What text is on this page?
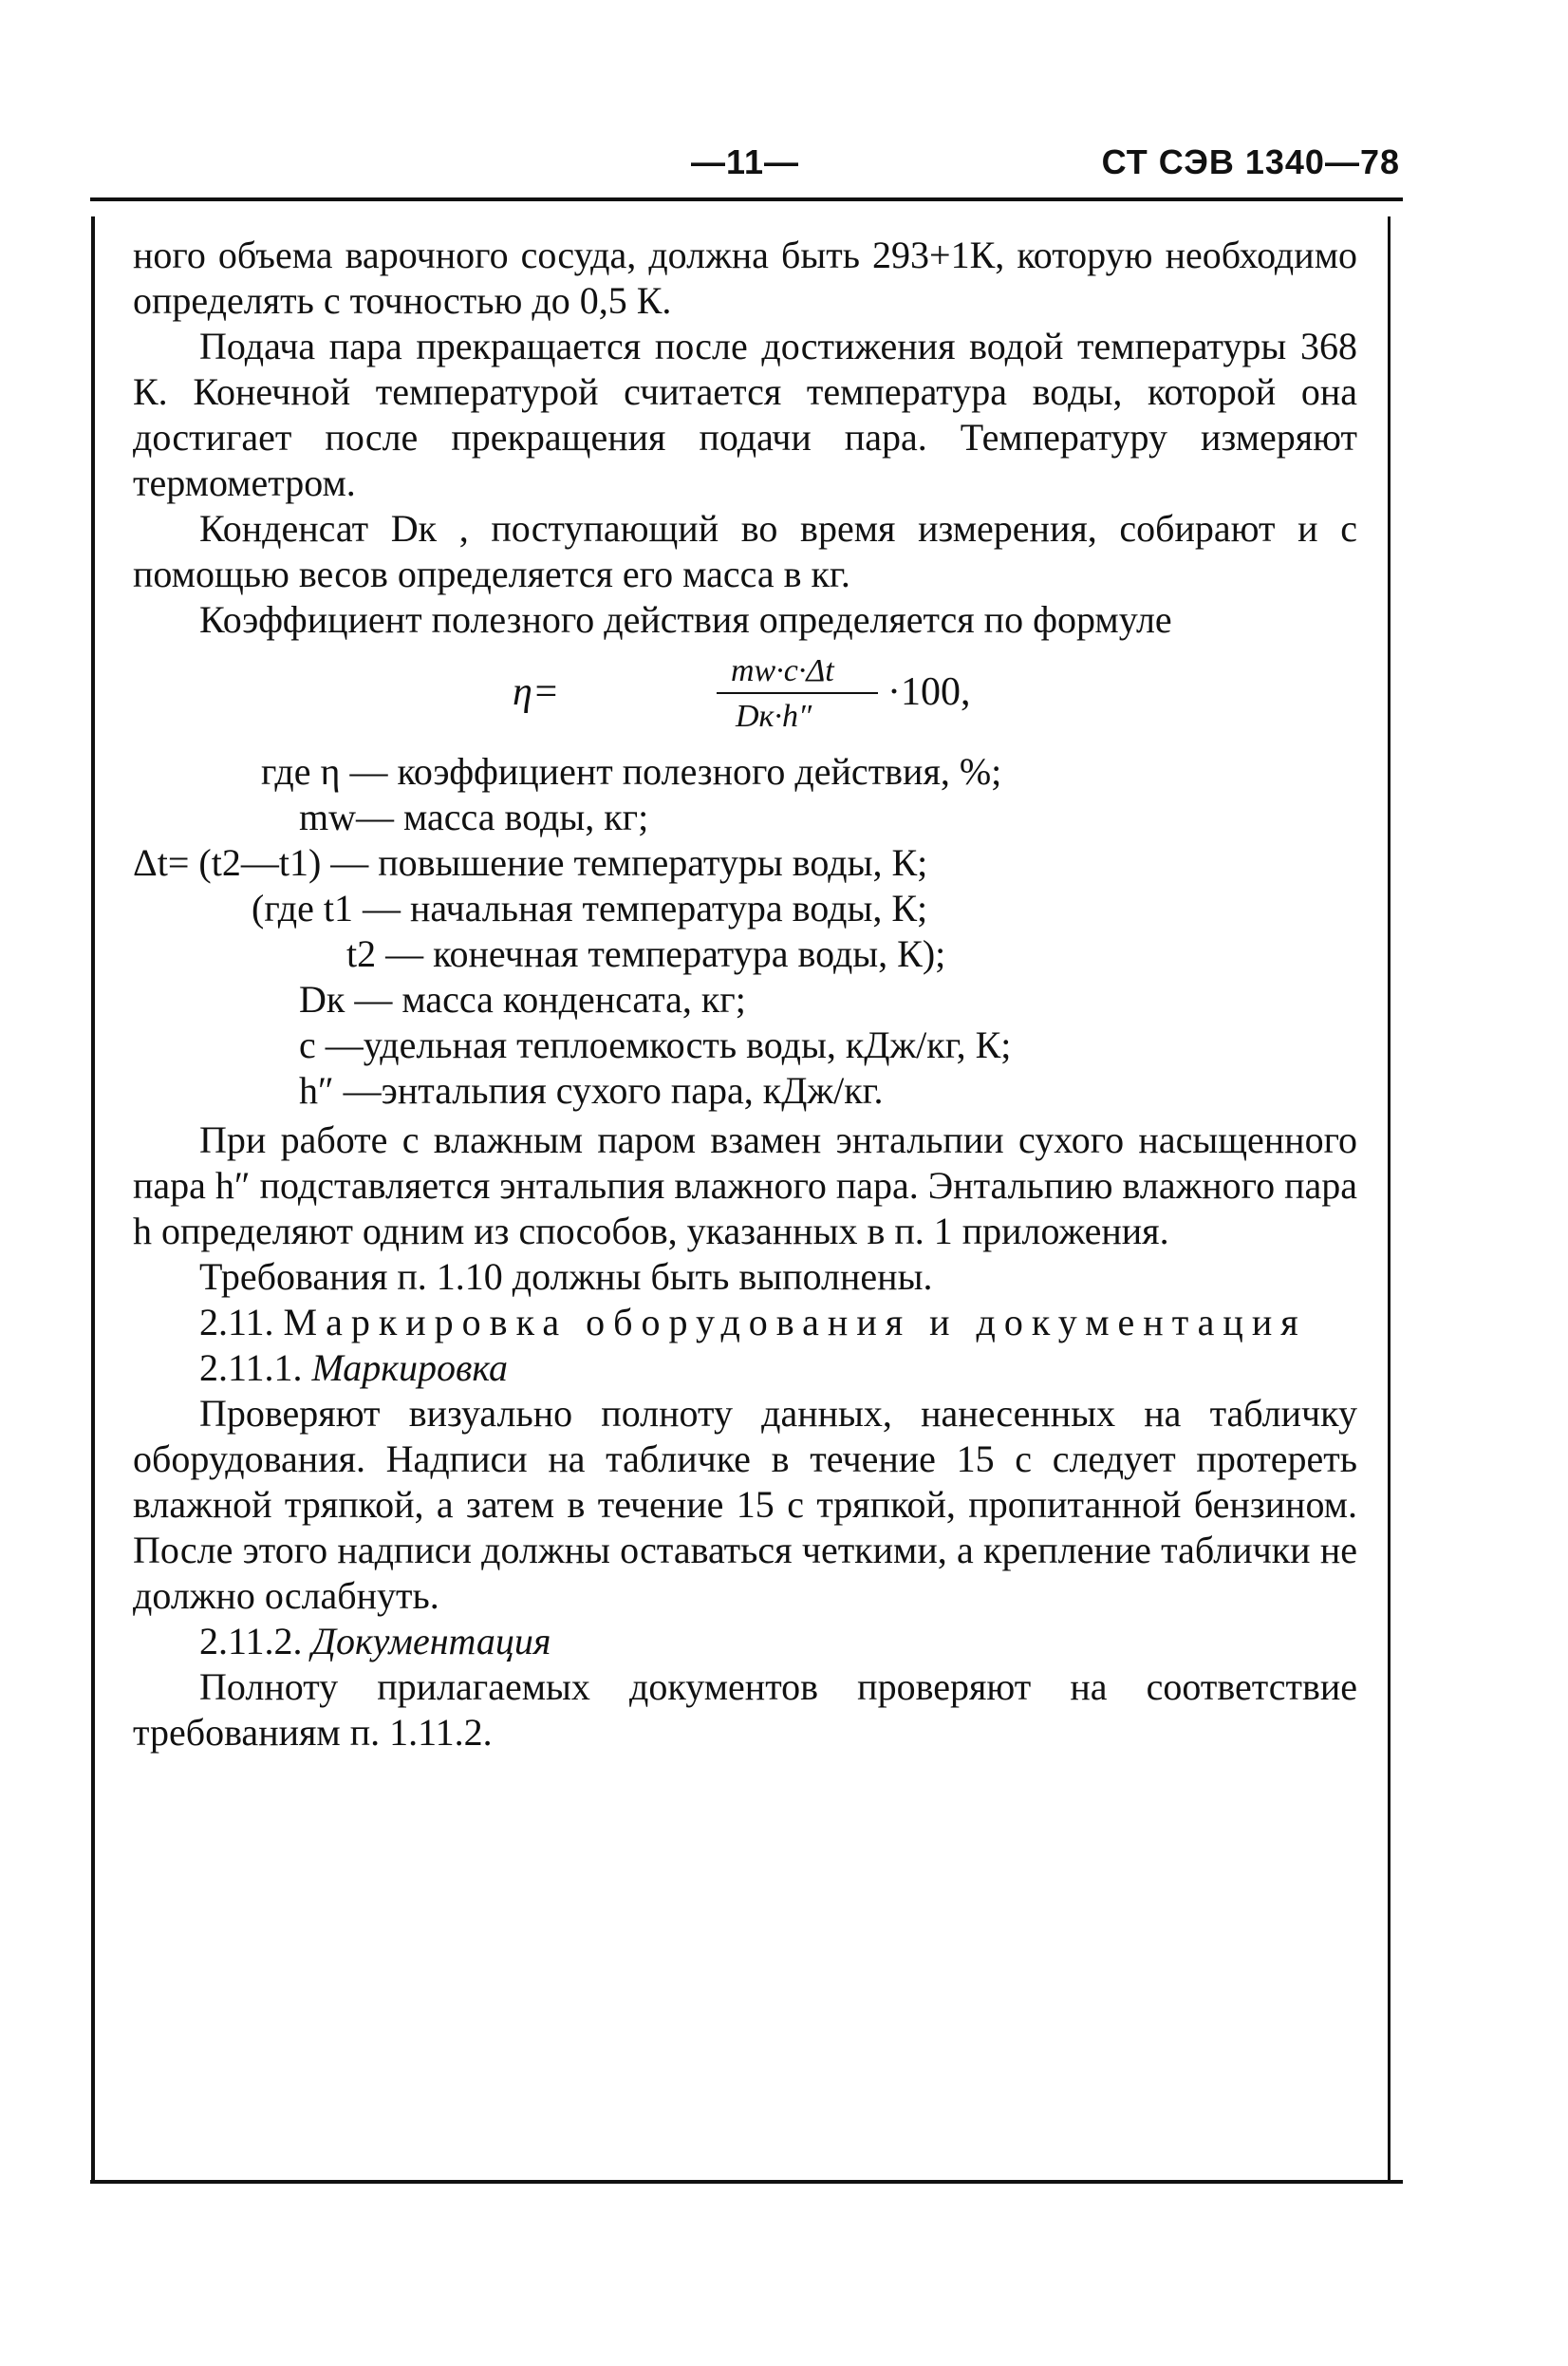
—11—	СТ СЭВ 1340—78

ного объема варочного сосуда, должна быть 293+1К, которую необходимо определять с точностью до 0,5 К.

Подача пара прекращается после достижения водой температуры 368 К. Конечной температурой считается температура воды, которой она достигает после прекращения подачи пара. Температуру измеряют термометром.

Конденсат Dк , поступающий во время измерения, собирают и с помощью весов определяется его масса в кг.

Коэффициент полезного действия определяется по формуле

η=	mw·c·Δt
Dк·h″
·100,
где η — коэффициент полезного действия, %;
mw— масса воды, кг;
Δt= (t2—t1) — повышение температуры воды, К;
(где t1 — начальная температура воды, К;
t2 — конечная температура воды, К);
Dк — масса конденсата, кг;
c —удельная теплоемкость воды, кДж/кг, К;
h″ —энтальпия сухого пара, кДж/кг.

При работе с влажным паром взамен энтальпии сухого насыщенного пара h″ подставляется энтальпия влажного пара. Энтальпию влажного пара h определяют одним из способов, указанных в п. 1 приложения.

Требования п. 1.10 должны быть выполнены.

2.11. Маркировка оборудования и документация

2.11.1. Маркировка

Проверяют визуально полноту данных, нанесенных на табличку оборудования. Надписи на табличке в течение 15 с следует протереть влажной тряпкой, а затем в течение 15 с тряпкой, пропитанной бензином. После этого надписи должны оставаться четкими, а крепление таблички не должно ослабнуть.

2.11.2. Документация

Полноту прилагаемых документов проверяют на соответствие требованиям п. 1.11.2.
